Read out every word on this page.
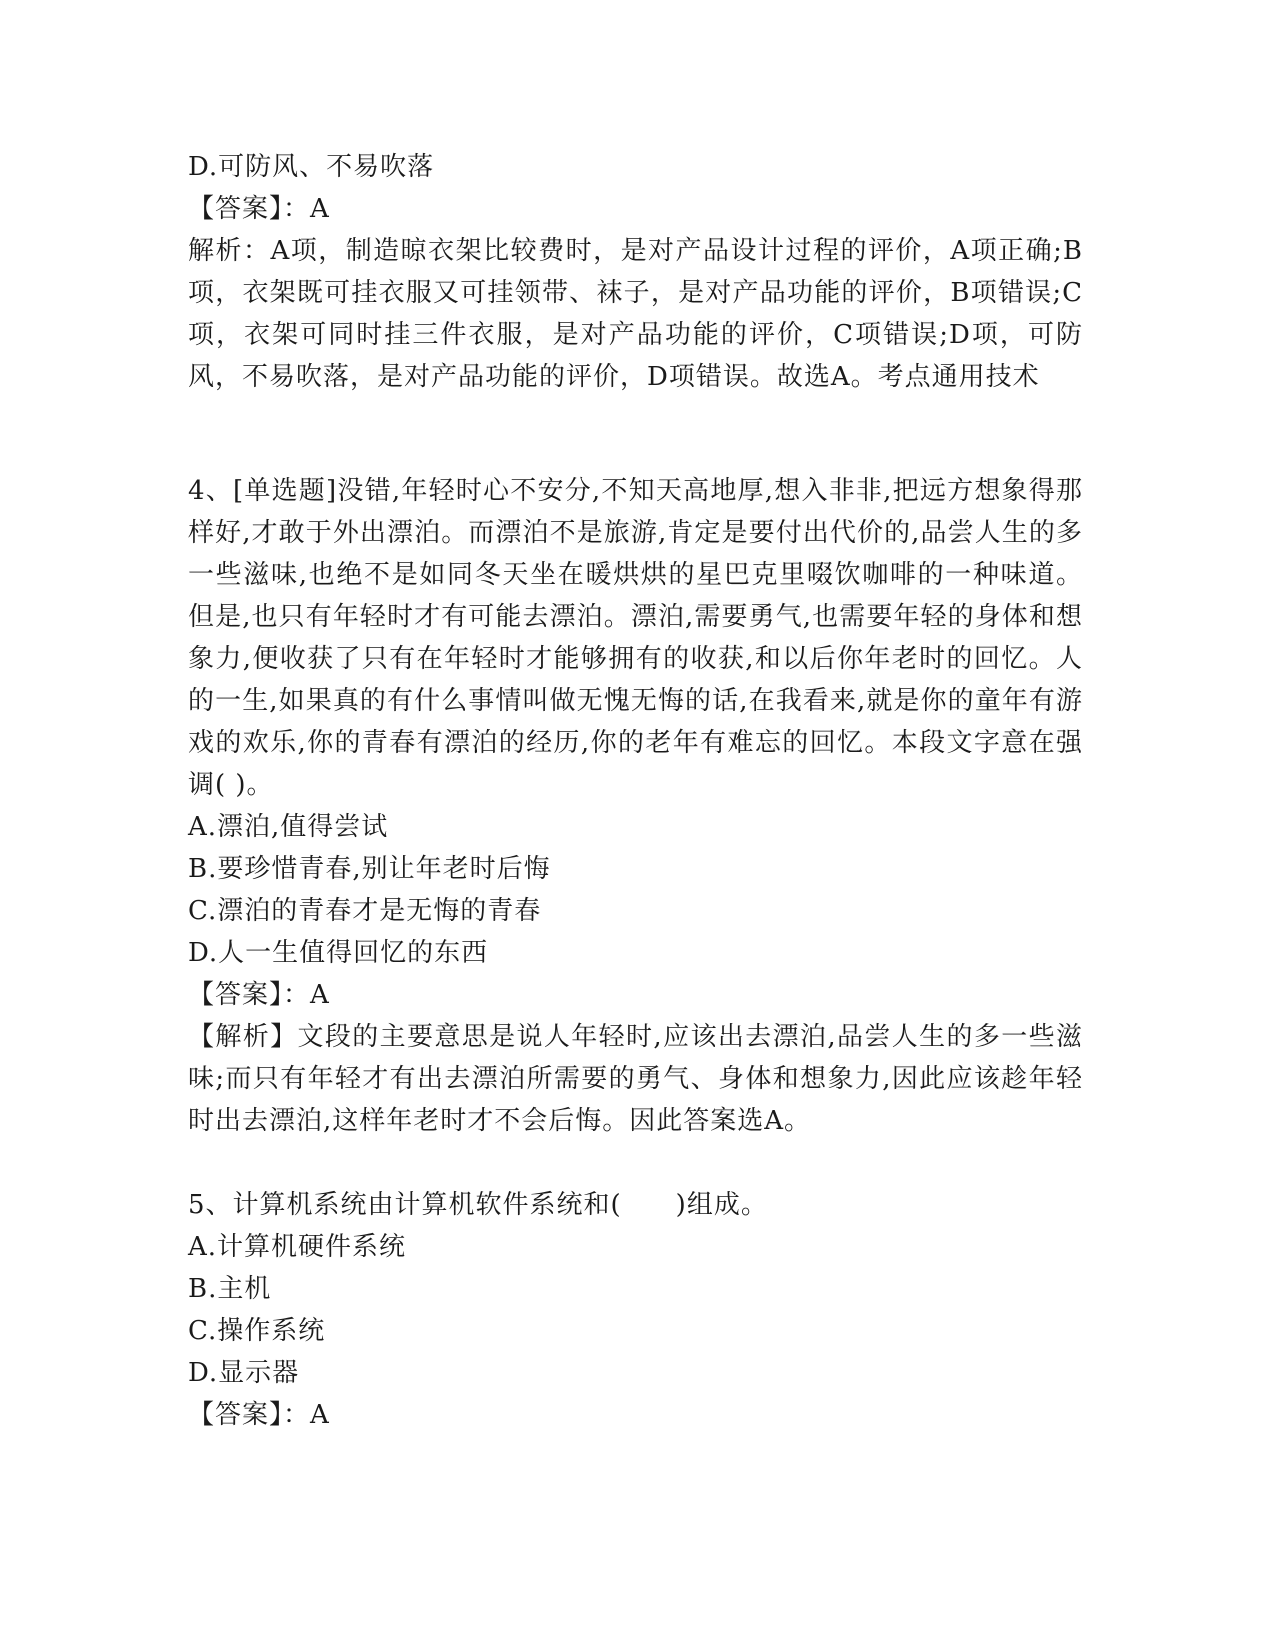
D.可防风、不易吹落
【答案】：A
解析：A项，制造晾衣架比较费时，是对产品设计过程的评价，A项正确;B项，衣架既可挂衣服又可挂领带、袜子，是对产品功能的评价，B项错误;C项，衣架可同时挂三件衣服，是对产品功能的评价，C项错误;D项，可防风，不易吹落，是对产品功能的评价，D项错误。故选A。考点通用技术
4、[单选题]没错,年轻时心不安分,不知天高地厚,想入非非,把远方想象得那样好,才敢于外出漂泊。而漂泊不是旅游,肯定是要付出代价的,品尝人生的多一些滋味,也绝不是如同冬天坐在暖烘烘的星巴克里啜饮咖啡的一种味道。但是,也只有年轻时才有可能去漂泊。漂泊,需要勇气,也需要年轻的身体和想象力,便收获了只有在年轻时才能够拥有的收获,和以后你年老时的回忆。人的一生,如果真的有什么事情叫做无愧无悔的话,在我看来,就是你的童年有游戏的欢乐,你的青春有漂泊的经历,你的老年有难忘的回忆。本段文字意在强调( )。
A.漂泊,值得尝试
B.要珍惜青春,别让年老时后悔
C.漂泊的青春才是无悔的青春
D.人一生值得回忆的东西
【答案】：A
【解析】文段的主要意思是说人年轻时,应该出去漂泊,品尝人生的多一些滋味;而只有年轻才有出去漂泊所需要的勇气、身体和想象力,因此应该趁年轻时出去漂泊,这样年老时才不会后悔。因此答案选A。
5、计算机系统由计算机软件系统和(　　)组成。
A.计算机硬件系统
B.主机
C.操作系统
D.显示器
【答案】：A
